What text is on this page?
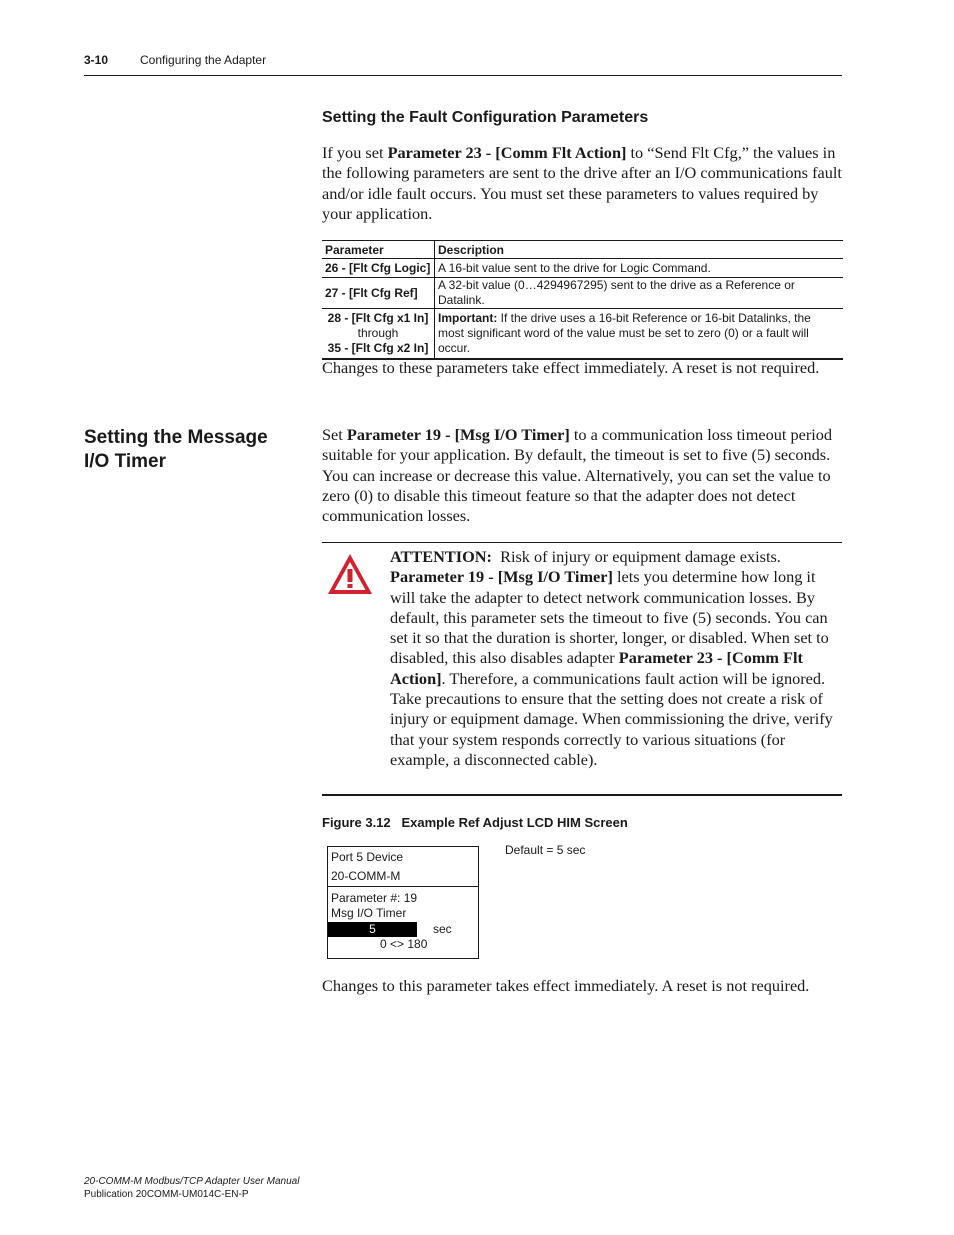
3-10	Configuring the Adapter
Setting the Fault Configuration Parameters
If you set Parameter 23 - [Comm Flt Action] to “Send Flt Cfg,” the values in the following parameters are sent to the drive after an I/O communications fault and/or idle fault occurs. You must set these parameters to values required by your application.
Parameter	Description
26 - [Flt Cfg Logic]	A 16-bit value sent to the drive for Logic Command.
27 - [Flt Cfg Ref]	A 32-bit value (0…4294967295) sent to the drive as a Reference or Datalink.

28 - [Flt Cfg x1 In]
through
35 - [Flt Cfg x2 In]	Important: If the drive uses a 16-bit Reference or 16-bit Datalinks, the most significant word of the value must be set to zero (0) or a fault will occur.
Changes to these parameters take effect immediately. A reset is not required.
Setting the Message I/O Timer
Set Parameter 19 - [Msg I/O Timer] to a communication loss timeout period suitable for your application. By default, the timeout is set to five (5) seconds. You can increase or decrease this value. Alternatively, you can set the value to zero (0) to disable this timeout feature so that the adapter does not detect communication losses.
ATTENTION:  Risk of injury or equipment damage exists. Parameter 19 - [Msg I/O Timer] lets you determine how long it will take the adapter to detect network communication losses. By default, this parameter sets the timeout to five (5) seconds. You can set it so that the duration is shorter, longer, or disabled. When set to disabled, this also disables adapter Parameter 23 - [Comm Flt Action]. Therefore, a communications fault action will be ignored. Take precautions to ensure that the setting does not create a risk of injury or equipment damage. When commissioning the drive, verify that your system responds correctly to various situations (for example, a disconnected cable).
Figure 3.12 Example Ref Adjust LCD HIM Screen
Port 5 Device
20-COMM-M
Parameter #: 19
Msg I/O Timer
5	sec
0 <> 180
Default = 5 sec
Changes to this parameter takes effect immediately. A reset is not required.
20-COMM-M Modbus/TCP Adapter User Manual
Publication 20COMM-UM014C-EN-P
